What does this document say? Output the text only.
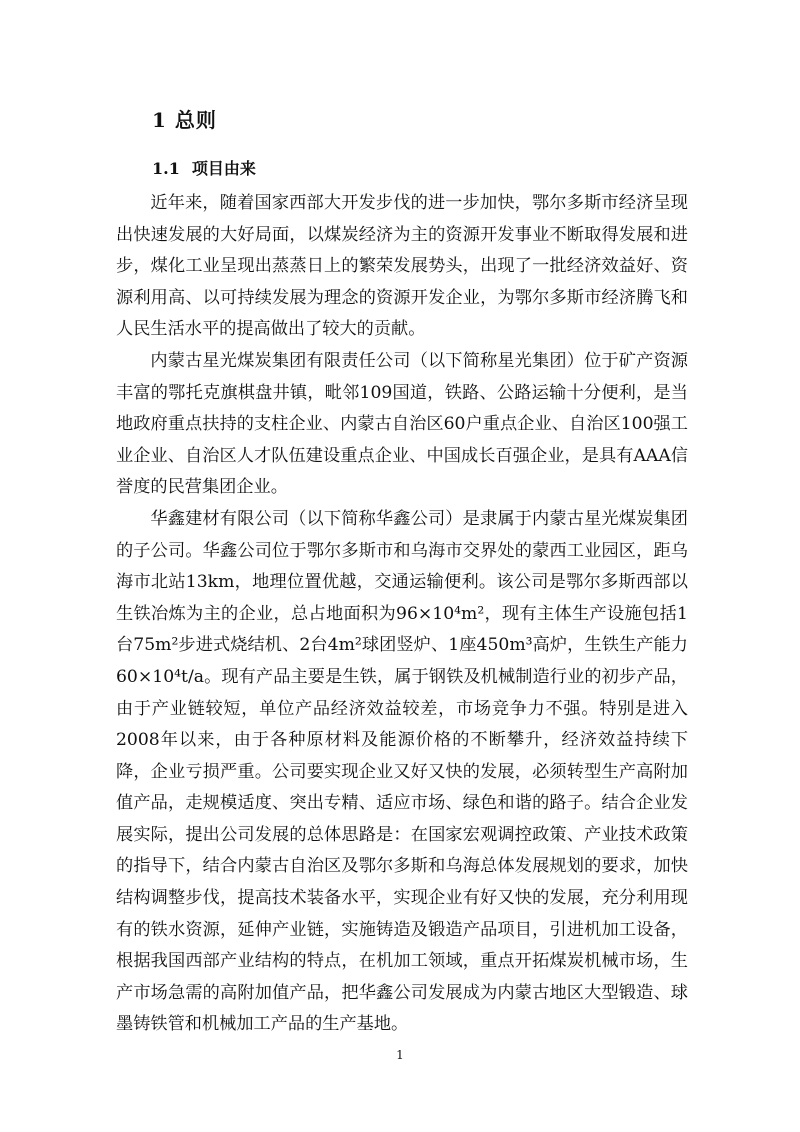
1 总则
1.1 项目由来

近年来，随着国家西部大开发步伐的进一步加快，鄂尔多斯市经济呈现出快速发展的大好局面，以煤炭经济为主的资源开发事业不断取得发展和进步，煤化工业呈现出蒸蒸日上的繁荣发展势头，出现了一批经济效益好、资源利用高、以可持续发展为理念的资源开发企业，为鄂尔多斯市经济腾飞和人民生活水平的提高做出了较大的贡献。

内蒙古星光煤炭集团有限责任公司（以下简称星光集团）位于矿产资源丰富的鄂托克旗棋盘井镇，毗邻109国道，铁路、公路运输十分便利，是当地政府重点扶持的支柱企业、内蒙古自治区60户重点企业、自治区100强工业企业、自治区人才队伍建设重点企业、中国成长百强企业，是具有AAA信誉度的民营集团企业。

华鑫建材有限公司（以下简称华鑫公司）是隶属于内蒙古星光煤炭集团的子公司。华鑫公司位于鄂尔多斯市和乌海市交界处的蒙西工业园区，距乌海市北站13km，地理位置优越，交通运输便利。该公司是鄂尔多斯西部以生铁冶炼为主的企业，总占地面积为96×10⁴m²，现有主体生产设施包括1台75m²步进式烧结机、2台4m²球团竖炉、1座450m³高炉，生铁生产能力60×10⁴t/a。现有产品主要是生铁，属于钢铁及机械制造行业的初步产品，由于产业链较短，单位产品经济效益较差，市场竞争力不强。特别是进入2008年以来，由于各种原材料及能源价格的不断攀升，经济效益持续下降，企业亏损严重。公司要实现企业又好又快的发展，必须转型生产高附加值产品，走规模适度、突出专精、适应市场、绿色和谐的路子。结合企业发展实际，提出公司发展的总体思路是：在国家宏观调控政策、产业技术政策的指导下，结合内蒙古自治区及鄂尔多斯和乌海总体发展规划的要求，加快结构调整步伐，提高技术装备水平，实现企业有好又快的发展，充分利用现有的铁水资源，延伸产业链，实施铸造及锻造产品项目，引进机加工设备，根据我国西部产业结构的特点，在机加工领域，重点开拓煤炭机械市场，生产市场急需的高附加值产品，把华鑫公司发展成为内蒙古地区大型锻造、球墨铸铁管和机械加工产品的生产基地。

1
